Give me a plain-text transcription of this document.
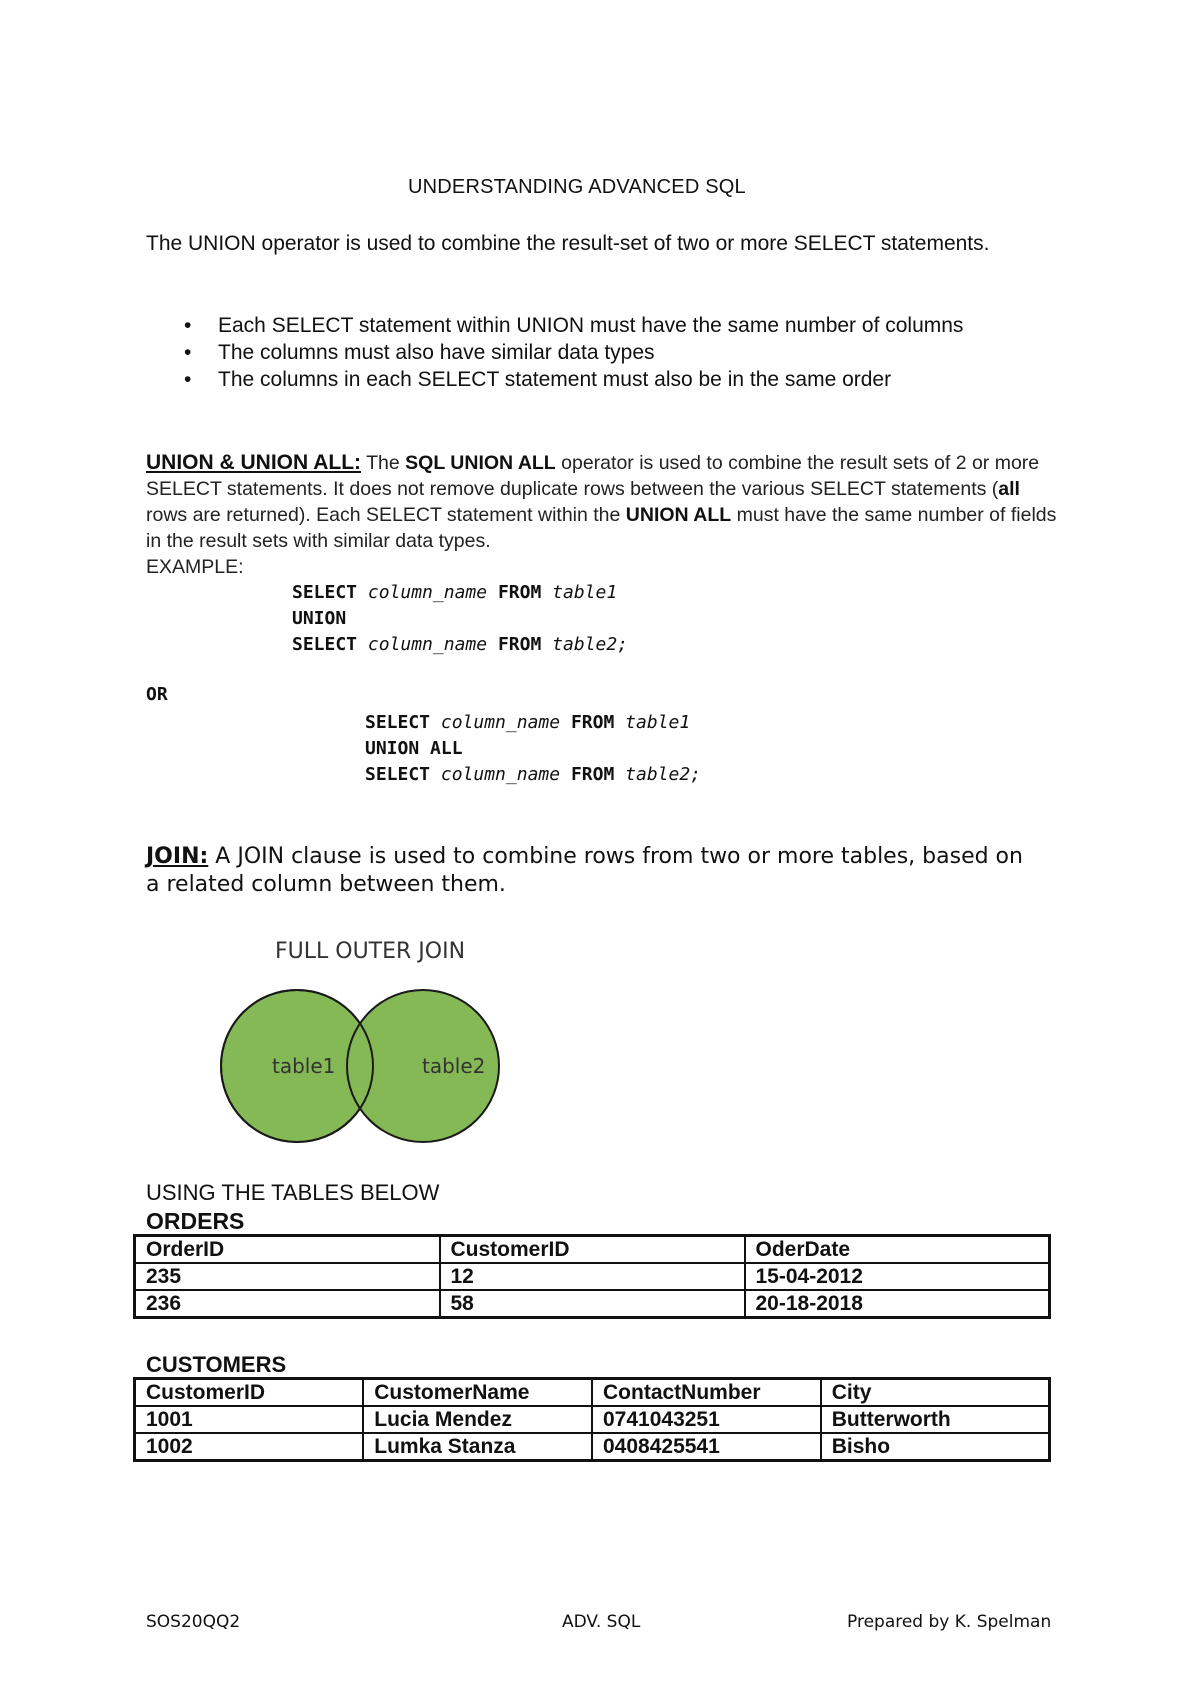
UNDERSTANDING ADVANCED SQL
The UNION operator is used to combine the result-set of two or more SELECT statements.
• Each SELECT statement within UNION must have the same number of columns
• The columns must also have similar data types
• The columns in each SELECT statement must also be in the same order
UNION & UNION ALL: The SQL UNION ALL operator is used to combine the result sets of 2 or more SELECT statements. It does not remove duplicate rows between the various SELECT statements (all rows are returned). Each SELECT statement within the UNION ALL must have the same number of fields in the result sets with similar data types.
EXAMPLE:
SELECT column_name FROM table1
UNION
SELECT column_name FROM table2;
OR
SELECT column_name FROM table1
UNION ALL
SELECT column_name FROM table2;
JOIN: A JOIN clause is used to combine rows from two or more tables, based on a related column between them.
FULL OUTER JOIN
table1	table2
USING THE TABLES BELOW
ORDERS
OrderID	CustomerID	OderDate
235	12	15-04-2012
236	58	20-18-2018
CUSTOMERS
CustomerID	CustomerName	ContactNumber	City
1001	Lucia Mendez	0741043251	Butterworth
1002	Lumka Stanza	0408425541	Bisho
SOS20QQ2	ADV. SQL	Prepared by K. Spelman
